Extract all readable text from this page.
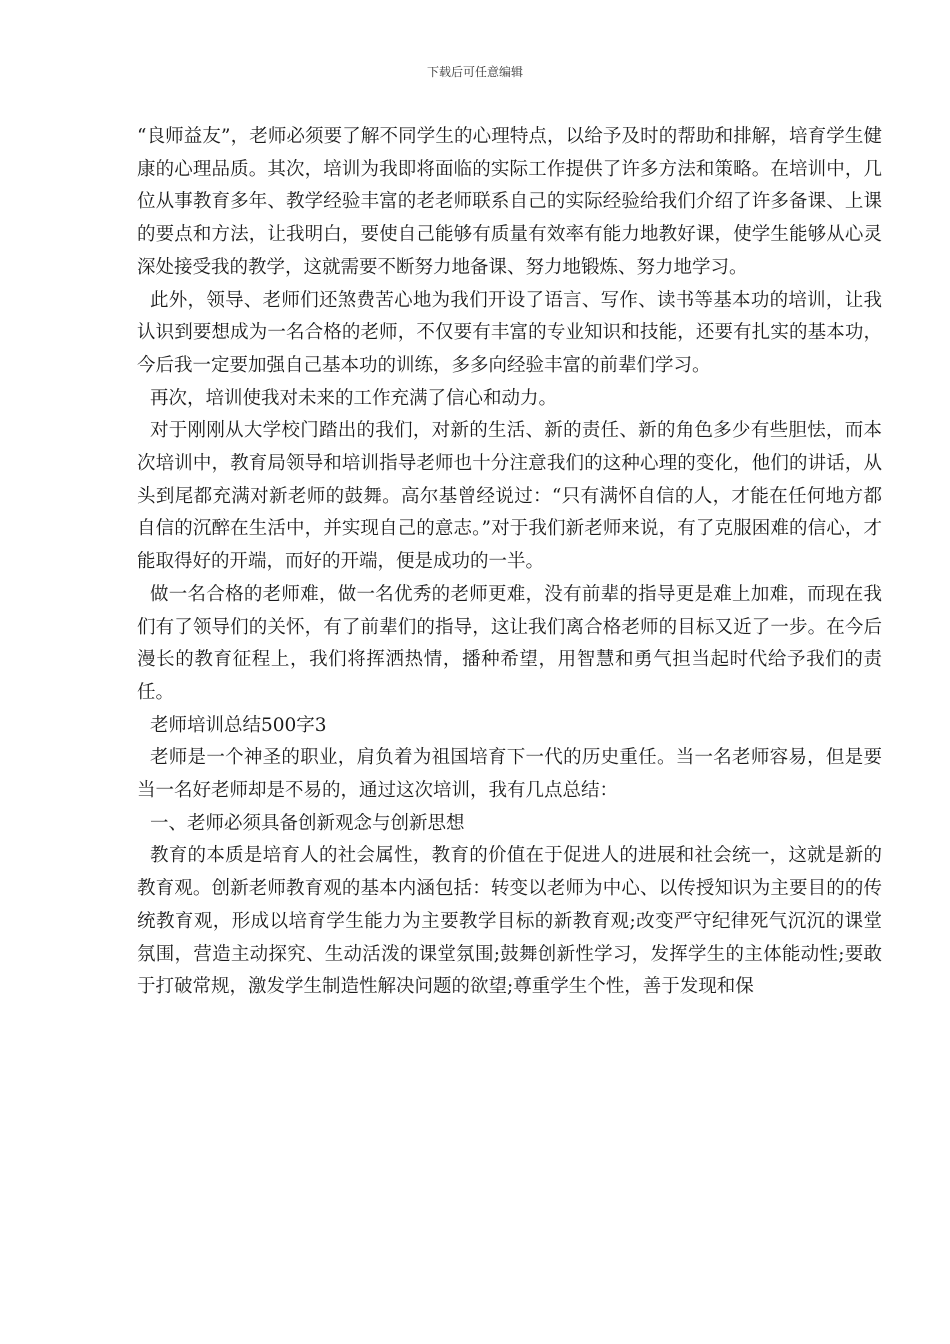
下载后可任意编辑

“良师益友”，老师必须要了解不同学生的心理特点，以给予及时的帮助和排解，培育学生健康的心理品质。其次，培训为我即将面临的实际工作提供了许多方法和策略。在培训中，几位从事教育多年、教学经验丰富的老老师联系自己的实际经验给我们介绍了许多备课、上课的要点和方法，让我明白，要使自己能够有质量有效率有能力地教好课，使学生能够从心灵深处接受我的教学，这就需要不断努力地备课、努力地锻炼、努力地学习。

此外，领导、老师们还煞费苦心地为我们开设了语言、写作、读书等基本功的培训，让我认识到要想成为一名合格的老师，不仅要有丰富的专业知识和技能，还要有扎实的基本功，今后我一定要加强自己基本功的训练，多多向经验丰富的前辈们学习。

再次，培训使我对未来的工作充满了信心和动力。

对于刚刚从大学校门踏出的我们，对新的生活、新的责任、新的角色多少有些胆怯，而本次培训中，教育局领导和培训指导老师也十分注意我们的这种心理的变化，他们的讲话，从头到尾都充满对新老师的鼓舞。高尔基曾经说过：“只有满怀自信的人，才能在任何地方都自信的沉醉在生活中，并实现自己的意志。”对于我们新老师来说，有了克服困难的信心，才能取得好的开端，而好的开端，便是成功的一半。

做一名合格的老师难，做一名优秀的老师更难，没有前辈的指导更是难上加难，而现在我们有了领导们的关怀，有了前辈们的指导，这让我们离合格老师的目标又近了一步。在今后漫长的教育征程上，我们将挥洒热情，播种希望，用智慧和勇气担当起时代给予我们的责任。

老师培训总结500字3

老师是一个神圣的职业，肩负着为祖国培育下一代的历史重任。当一名老师容易，但是要当一名好老师却是不易的，通过这次培训，我有几点总结：

一、老师必须具备创新观念与创新思想

教育的本质是培育人的社会属性，教育的价值在于促进人的进展和社会统一，这就是新的教育观。创新老师教育观的基本内涵包括：转变以老师为中心、以传授知识为主要目的的传统教育观，形成以培育学生能力为主要教学目标的新教育观;改变严守纪律死气沉沉的课堂氛围，营造主动探究、生动活泼的课堂氛围;鼓舞创新性学习，发挥学生的主体能动性;要敢于打破常规，激发学生制造性解决问题的欲望;尊重学生个性，善于发现和保
